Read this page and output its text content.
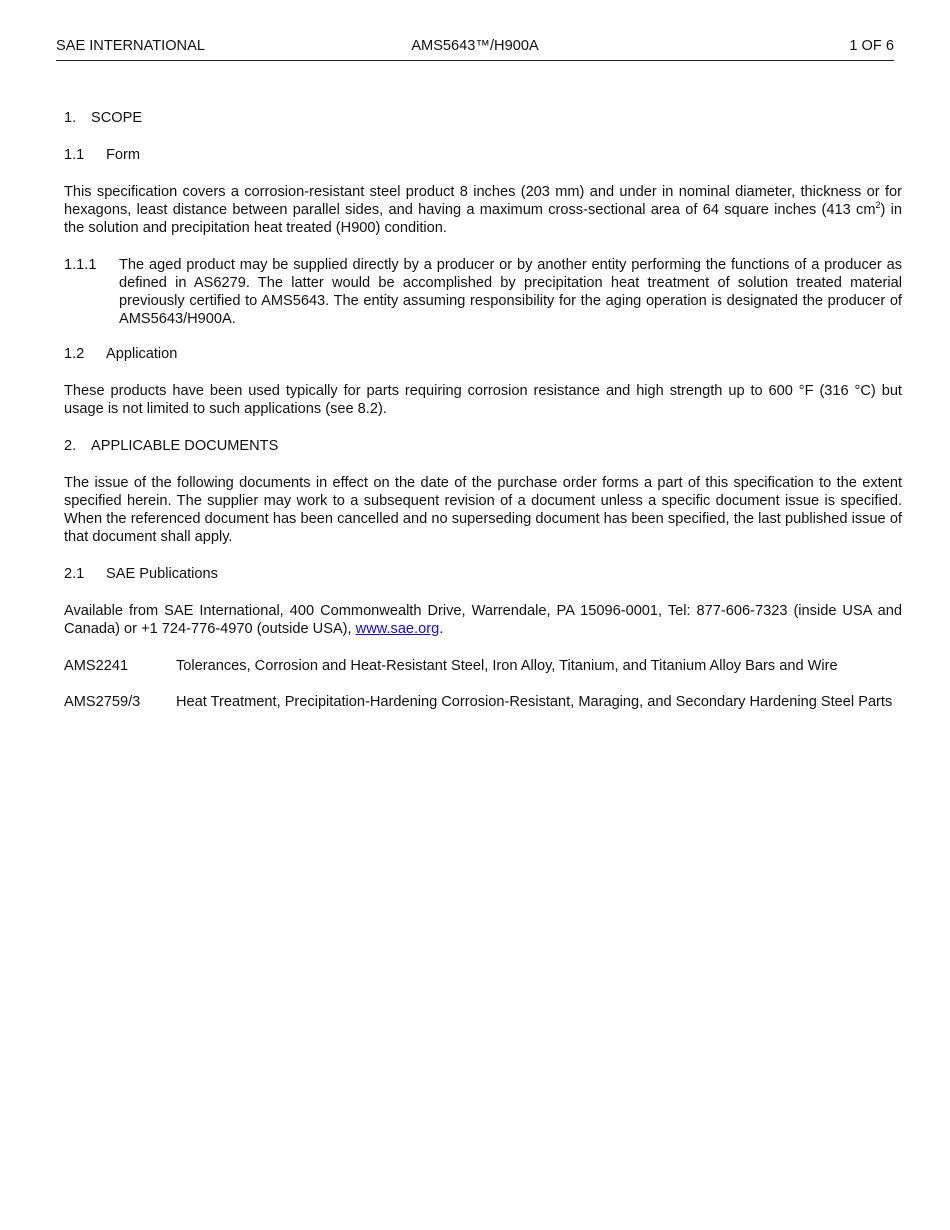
SAE INTERNATIONAL	AMS5643™/H900A	1 OF 6
1.	SCOPE
1.1	Form

This specification covers a corrosion-resistant steel product 8 inches (203 mm) and under in nominal diameter, thickness or for hexagons, least distance between parallel sides, and having a maximum cross-sectional area of 64 square inches (413 $cm^2$) in the solution and precipitation heat treated (H900) condition.

1.1.1	The aged product may be supplied directly by a producer or by another entity performing the functions of a producer as defined in AS6279. The latter would be accomplished by precipitation heat treatment of solution treated material previously certified to AMS5643. The entity assuming responsibility for the aging operation is designated the producer of AMS5643/H900A.
1.2	Application

These products have been used typically for parts requiring corrosion resistance and high strength up to 600 °F (316 °C) but usage is not limited to such applications (see 8.2).

2.	APPLICABLE DOCUMENTS

The issue of the following documents in effect on the date of the purchase order forms a part of this specification to the extent specified herein. The supplier may work to a subsequent revision of a document unless a specific document issue is specified. When the referenced document has been cancelled and no superseding document has been specified, the last published issue of that document shall apply.

2.1	SAE Publications

Available from SAE International, 400 Commonwealth Drive, Warrendale, PA 15096-0001, Tel: 877-606-7323 (inside USA and Canada) or +1 724-776-4970 (outside USA), www.sae.org.

AMS2241	Tolerances, Corrosion and Heat-Resistant Steel, Iron Alloy, Titanium, and Titanium Alloy Bars and Wire
AMS2759/3	Heat Treatment, Precipitation-Hardening Corrosion-Resistant, Maraging, and Secondary Hardening Steel Parts
